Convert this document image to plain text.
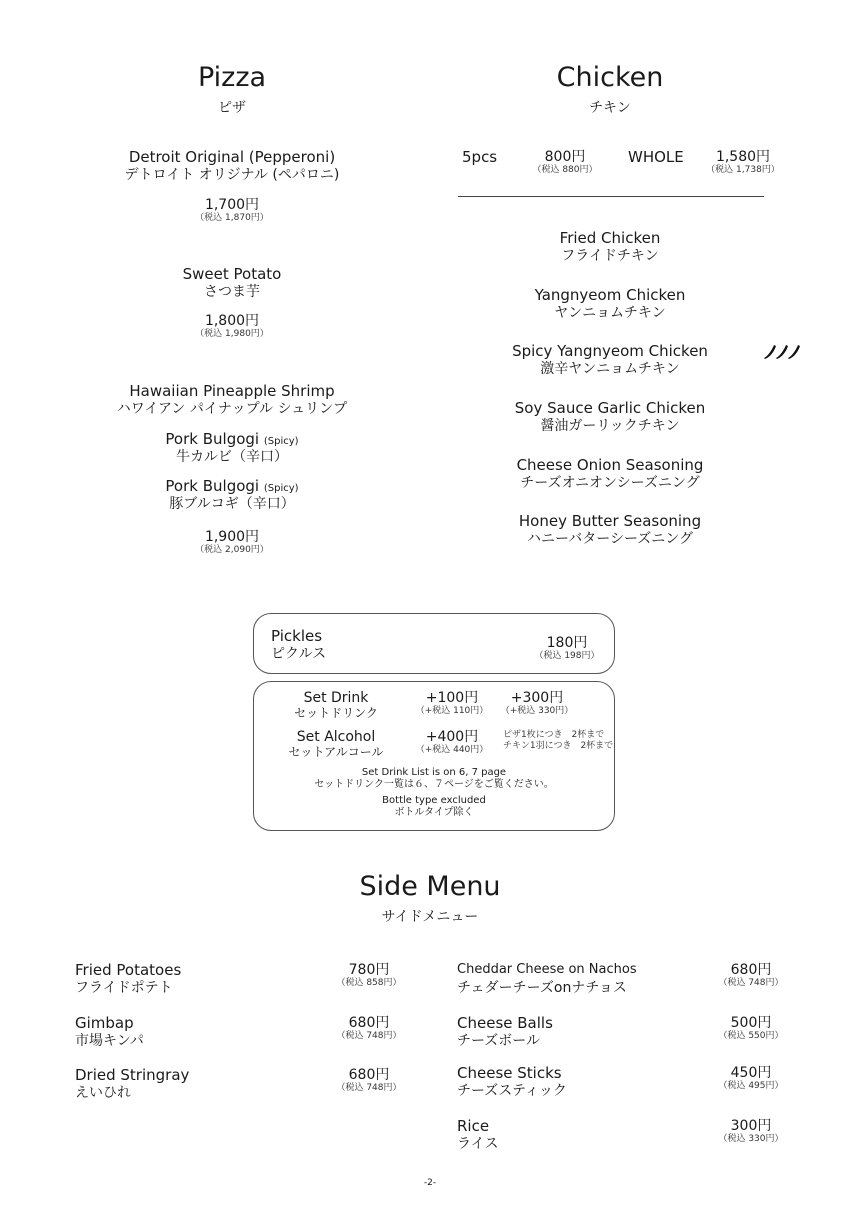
Pizza
ピザ
Detroit Original (Pepperoni)
デトロイト オリジナル (ペパロニ)
1,700円
（税込 1,870円）
Sweet Potato
さつま芋
1,800円
（税込 1,980円）
Hawaiian Pineapple Shrimp
ハワイアン パイナップル シュリンプ
Pork Bulgogi (Spicy)
牛カルビ（辛口）
Pork Bulgogi (Spicy)
豚ブルコギ（辛口）
1,900円
（税込 2,090円）
Chicken
チキン
5pcs	800円
（税込 880円）
WHOLE	1,580円
（税込 1,738円）
Fried Chicken
フライドチキン
Yangnyeom Chicken
ヤンニョムチキン
Spicy Yangnyeom Chicken
激辛ヤンニョムチキン
Soy Sauce Garlic Chicken
醤油ガーリックチキン
Cheese Onion Seasoning
チーズオニオンシーズニング
Honey Butter Seasoning
ハニーバターシーズニング
Pickles
ピクルス
180円
（税込 198円）
Set Drink
セットドリンク
+100円
（+税込 110円）
+300円
（+税込 330円）
Set Alcohol
セットアルコール
+400円
（+税込 440円）
ピザ1枚につき　2杯まで
チキン1羽につき　2杯まで
Set Drink List is on 6, 7 page
セットドリンク一覧は６、７ページをご覧ください。
Bottle type excluded
ボトルタイプ除く
Side Menu
サイドメニュー
Fried Potatoes
フライドポテト
780円
（税込 858円）
Gimbap
市場キンパ
680円
（税込 748円）
Dried Stringray
えいひれ
680円
（税込 748円）
Cheddar Cheese on Nachos
チェダーチーズonナチョス
680円
（税込 748円）
Cheese Balls
チーズボール
500円
（税込 550円）
Cheese Sticks
チーズスティック
450円
（税込 495円）
Rice
ライス
300円
（税込 330円）
-2-
